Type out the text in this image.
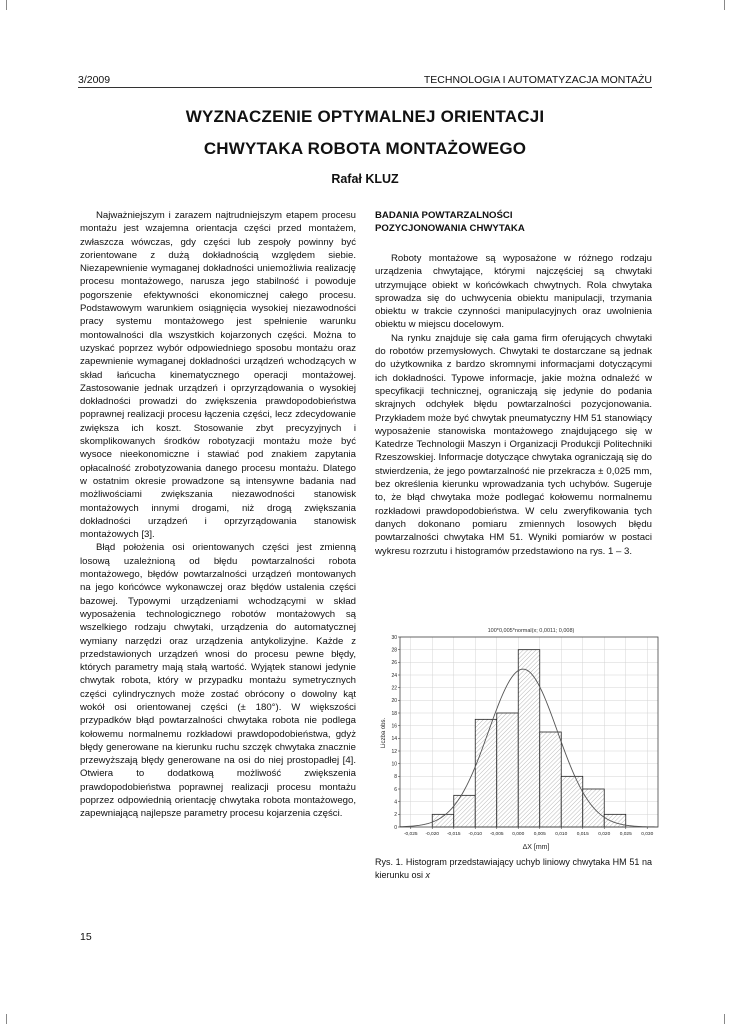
3/2009	TECHNOLOGIA I AUTOMATYZACJA MONTAŻU
WYZNACZENIE OPTYMALNEJ ORIENTACJI
CHWYTAKA ROBOTA MONTAŻOWEGO
Rafał KLUZ

Najważniejszym i zarazem najtrudniejszym etapem procesu montażu jest wzajemna orientacja części przed montażem, zwłaszcza wówczas, gdy części lub zespoły powinny być zorientowane z dużą dokładnością względem siebie. Niezapewnienie wymaganej dokładności uniemożliwia realizację procesu montażowego, narusza jego stabilność i powoduje pogorszenie efektywności ekonomicznej całego procesu. Podstawowym warunkiem osiągnięcia wysokiej niezawodności pracy systemu montażowego jest spełnienie warunku montowalności dla wszystkich kojarzonych części. Można to uzyskać poprzez wybór odpowiedniego sposobu montażu oraz zapewnienie wymaganej dokładności urządzeń wchodzących w skład łańcucha kinematycznego operacji montażowej. Zastosowanie jednak urządzeń i oprzyrządowania o wysokiej dokładności prowadzi do zwiększenia prawdopodobieństwa poprawnej realizacji procesu łączenia części, lecz zdecydowanie zwiększa ich koszt. Stosowanie zbyt precyzyjnych i skomplikowanych środków robotyzacji montażu może być wysoce nieekonomiczne i stawiać pod znakiem zapytania opłacalność zrobotyzowania danego procesu montażu. Dlatego w ostatnim okresie prowadzone są intensywne badania nad możliwościami zwiększania niezawodności stanowisk montażowych innymi drogami, niż drogą zwiększania dokładności urządzeń i oprzyrządowania stanowisk montażowych [3].

Błąd położenia osi orientowanych części jest zmienną losową uzależnioną od błędu powtarzalności robota montażowego, błędów powtarzalności urządzeń montowanych na jego końcówce wykonawczej oraz błędów ustalenia części bazowej. Typowymi urządzeniami wchodzącymi w skład wyposażenia technologicznego robotów montażowych są wszelkiego rodzaju chwytaki, urządzenia do automatycznej wymiany narzędzi oraz urządzenia antykolizyjne. Każde z przedstawionych urządzeń wnosi do procesu pewne błędy, których parametry mają stałą wartość. Wyjątek stanowi jedynie chwytak robota, który w przypadku montażu symetrycznych części cylindrycznych może zostać obrócony o dowolny kąt wokół osi orientowanej części (± 180°). W większości przypadków błąd powtarzalności chwytaka robota nie podlega kołowemu normalnemu rozkładowi prawdopodobieństwa, gdyż błędy generowane na kierunku ruchu szczęk chwytaka znacznie przewyższają błędy generowane na osi do niej prostopadłej [4]. Otwiera to dodatkową możliwość zwiększenia prawdopodobieństwa poprawnej realizacji procesu montażu poprzez odpowiednią orientację chwytaka robota montażowego, zapewniającą najlepsze parametry procesu kojarzenia części.

BADANIA POWTARZALNOŚCI
POZYCJONOWANIA CHWYTAKA

Roboty montażowe są wyposażone w różnego rodzaju urządzenia chwytające, którymi najczęściej są chwytaki utrzymujące obiekt w końcówkach chwytnych. Rola chwytaka sprowadza się do uchwycenia obiektu manipulacji, trzymania obiektu w trakcie czynności manipulacyjnych oraz uwolnienia obiektu w miejscu docelowym.

Na rynku znajduje się cała gama firm oferujących chwytaki do robotów przemysłowych. Chwytaki te dostarczane są jednak do użytkownika z bardzo skromnymi informacjami dotyczącymi ich dokładności. Typowe informacje, jakie można odnaleźć w specyfikacji technicznej, ograniczają się jedynie do podania skrajnych odchyłek błędu powtarzalności pozycjonowania. Przykładem może być chwytak pneumatyczny HM 51 stanowiący wyposażenie stanowiska montażowego znajdującego się w Katedrze Technologii Maszyn i Organizacji Produkcji Politechniki Rzeszowskiej. Informacje dotyczące chwytaka ograniczają się do stwierdzenia, że jego powtarzalność nie przekracza ± 0,025 mm, bez określenia kierunku wprowadzania tych uchybów. Sugeruje to, że błąd chwytaka może podlegać kołowemu normalnemu rozkładowi prawdopodobieństwa. W celu zweryfikowania tych danych dokonano pomiaru zmiennych losowych błędu powtarzalności chwytaka HM 51. Wyniki pomiarów w postaci wykresu rozrzutu i histogramów przedstawiono na rys. 1 – 3.

100*0,005*normal(x; 0,0011; 0,008)
0
2
4
6
8
10
12
14
16
18
20
22
24
26
28
30
-0,025 -0,020 -0,015 -0,010 -0,005 0,000 0,005 0,010 0,015 0,020 0,025 0,030
Liczba obs.
ΔX [mm]
Rys. 1. Histogram przedstawiający uchyb liniowy chwytaka HM 51 na kierunku osi x
15
